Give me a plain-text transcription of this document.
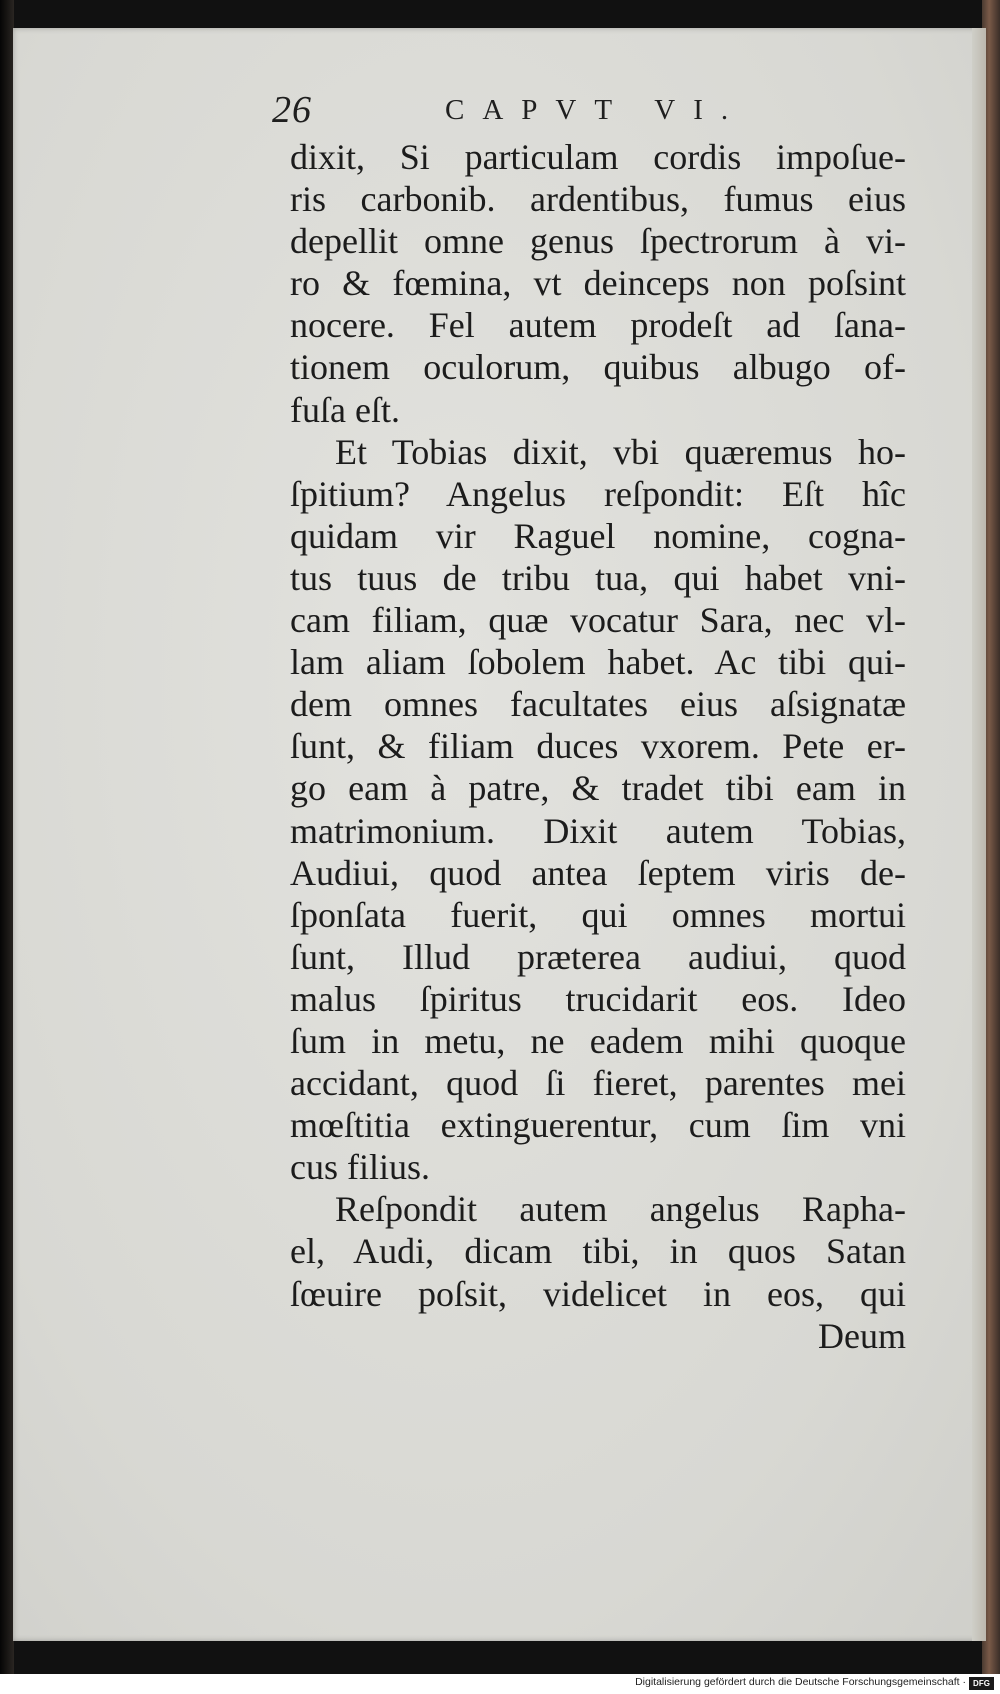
26	CAPVT VI.
dixit, Si particulam cordis impoſue-
ris carbonib. ardentibus, fumus eius
depellit omne genus ſpectrorum à vi-
ro & fœmina, vt deinceps non poſsint
nocere. Fel autem prodeſt ad ſana-
tionem oculorum, quibus albugo of-
fuſa eſt.
Et Tobias dixit, vbi quæremus ho-
ſpitium? Angelus reſpondit: Eſt hîc
quidam vir Raguel nomine, cogna-
tus tuus de tribu tua, qui habet vni-
cam filiam, quæ vocatur Sara, nec vl-
lam aliam ſobolem habet. Ac tibi qui-
dem omnes facultates eius aſsignatæ
ſunt, & filiam duces vxorem. Pete er-
go eam à patre, & tradet tibi eam in
matrimonium. Dixit autem Tobias,
Audiui, quod antea ſeptem viris de-
ſponſata fuerit, qui omnes mortui
ſunt, Illud præterea audiui, quod
malus ſpiritus trucidarit eos. Ideo
ſum in metu, ne eadem mihi quoque
accidant, quod ſi fieret, parentes mei
mœſtitia extinguerentur, cum ſim vni
cus filius.
Reſpondit autem angelus Rapha-
el, Audi, dicam tibi, in quos Satan
ſœuire poſsit, videlicet in eos, qui
Deum
Digitalisierung gefördert durch die Deutsche Forschungsgemeinschaft · DFG
